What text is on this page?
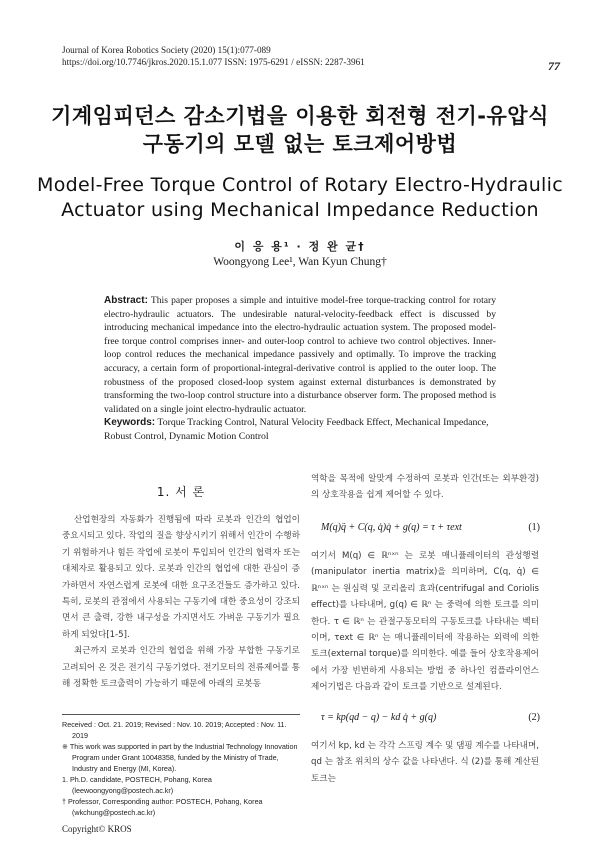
Journal of Korea Robotics Society (2020) 15(1):077-089
https://doi.org/10.7746/jkros.2020.15.1.077 ISSN: 1975-6291 / eISSN: 2287-3961	77
기계임피던스 감소기법을 이용한 회전형 전기-유압식
구동기의 모델 없는 토크제어방법
Model-Free Torque Control of Rotary Electro-Hydraulic
Actuator using Mechanical Impedance Reduction
이 응 용¹ · 정 완 균†
Woongyong Lee¹, Wan Kyun Chung†
Abstract: This paper proposes a simple and intuitive model-free torque-tracking control for rotary electro-hydraulic actuators. The undesirable natural-velocity-feedback effect is discussed by introducing mechanical impedance into the electro-hydraulic actuation system. The proposed model-free torque control comprises inner- and outer-loop control to achieve two control objectives. Inner-loop control reduces the mechanical impedance passively and optimally. To improve the tracking accuracy, a certain form of proportional-integral-derivative control is applied to the outer loop. The robustness of the proposed closed-loop system against external disturbances is demonstrated by transforming the two-loop control structure into a disturbance observer form. The proposed method is validated on a single joint electro-hydraulic actuator.
Keywords: Torque Tracking Control, Natural Velocity Feedback Effect, Mechanical Impedance, Robust Control, Dynamic Motion Control
1. 서 론

산업현장의 자동화가 진행됨에 따라 로봇과 인간의 협업이 중요시되고 있다. 작업의 질을 향상시키기 위해서 인간이 수행하기 위험하거나 힘든 작업에 로봇이 투입되어 인간의 협력자 또는 대체자로 활용되고 있다. 로봇과 인간의 협업에 대한 관심이 증가하면서 자연스럽게 로봇에 대한 요구조건들도 증가하고 있다. 특히, 로봇의 관점에서 사용되는 구동기에 대한 중요성이 강조되면서 큰 출력, 강한 내구성을 가지면서도 가벼운 구동기가 필요하게 되었다[1-5].

최근까지 로봇과 인간의 협업을 위해 가장 부합한 구동기로 고려되어 온 것은 전기식 구동기였다. 전기모터의 전류제어를 통해 정확한 토크출력이 가능하기 때문에 아래의 로봇동

Received : Oct. 21. 2019; Revised : Nov. 10. 2019; Accepted : Nov. 11. 2019
※ This work was supported in part by the Industrial Technology Innovation Program under Grant 10048358, funded by the Ministry of Trade, Industry and Energy (MI, Korea).
1. Ph.D. candidate, POSTECH, Pohang, Korea (leewoongyong@postech.ac.kr)
† Professor, Corresponding author: POSTECH, Pohang, Korea (wkchung@postech.ac.kr)
Copyright© KROS

역학을 목적에 알맞게 수정하여 로봇과 인간(또는 외부환경)의 상호작용을 쉽게 제어할 수 있다.

M(q)q̈ + C(q, q̇)q̇ + g(q) = τ + τext	(1)

여기서 M(q) ∈ ℝⁿˣⁿ 는 로봇 매니퓰레이터의 관성행렬(manipulator inertia matrix)을 의미하며, C(q, q̇) ∈ ℝⁿˣⁿ 는 원심력 및 코리올리 효과(centrifugal and Coriolis effect)를 나타내며, g(q) ∈ ℝⁿ 는 중력에 의한 토크를 의미한다. τ ∈ ℝⁿ 는 관절구동모터의 구동토크를 나타내는 벡터이며, τext ∈ ℝⁿ 는 매니퓰레이터에 작용하는 외력에 의한 토크(external torque)를 의미한다. 예를 들어 상호작용제어에서 가장 빈번하게 사용되는 방법 중 하나인 컴플라이언스 제어기법은 다음과 같이 토크를 기반으로 설계된다.

τ = kp(qd − q) − kd q̇ + g(q)	(2)

여기서 kp, kd 는 각각 스프링 계수 및 댐핑 계수를 나타내며, qd 는 참조 위치의 상수 값을 나타낸다. 식 (2)를 통해 계산된 토크는
